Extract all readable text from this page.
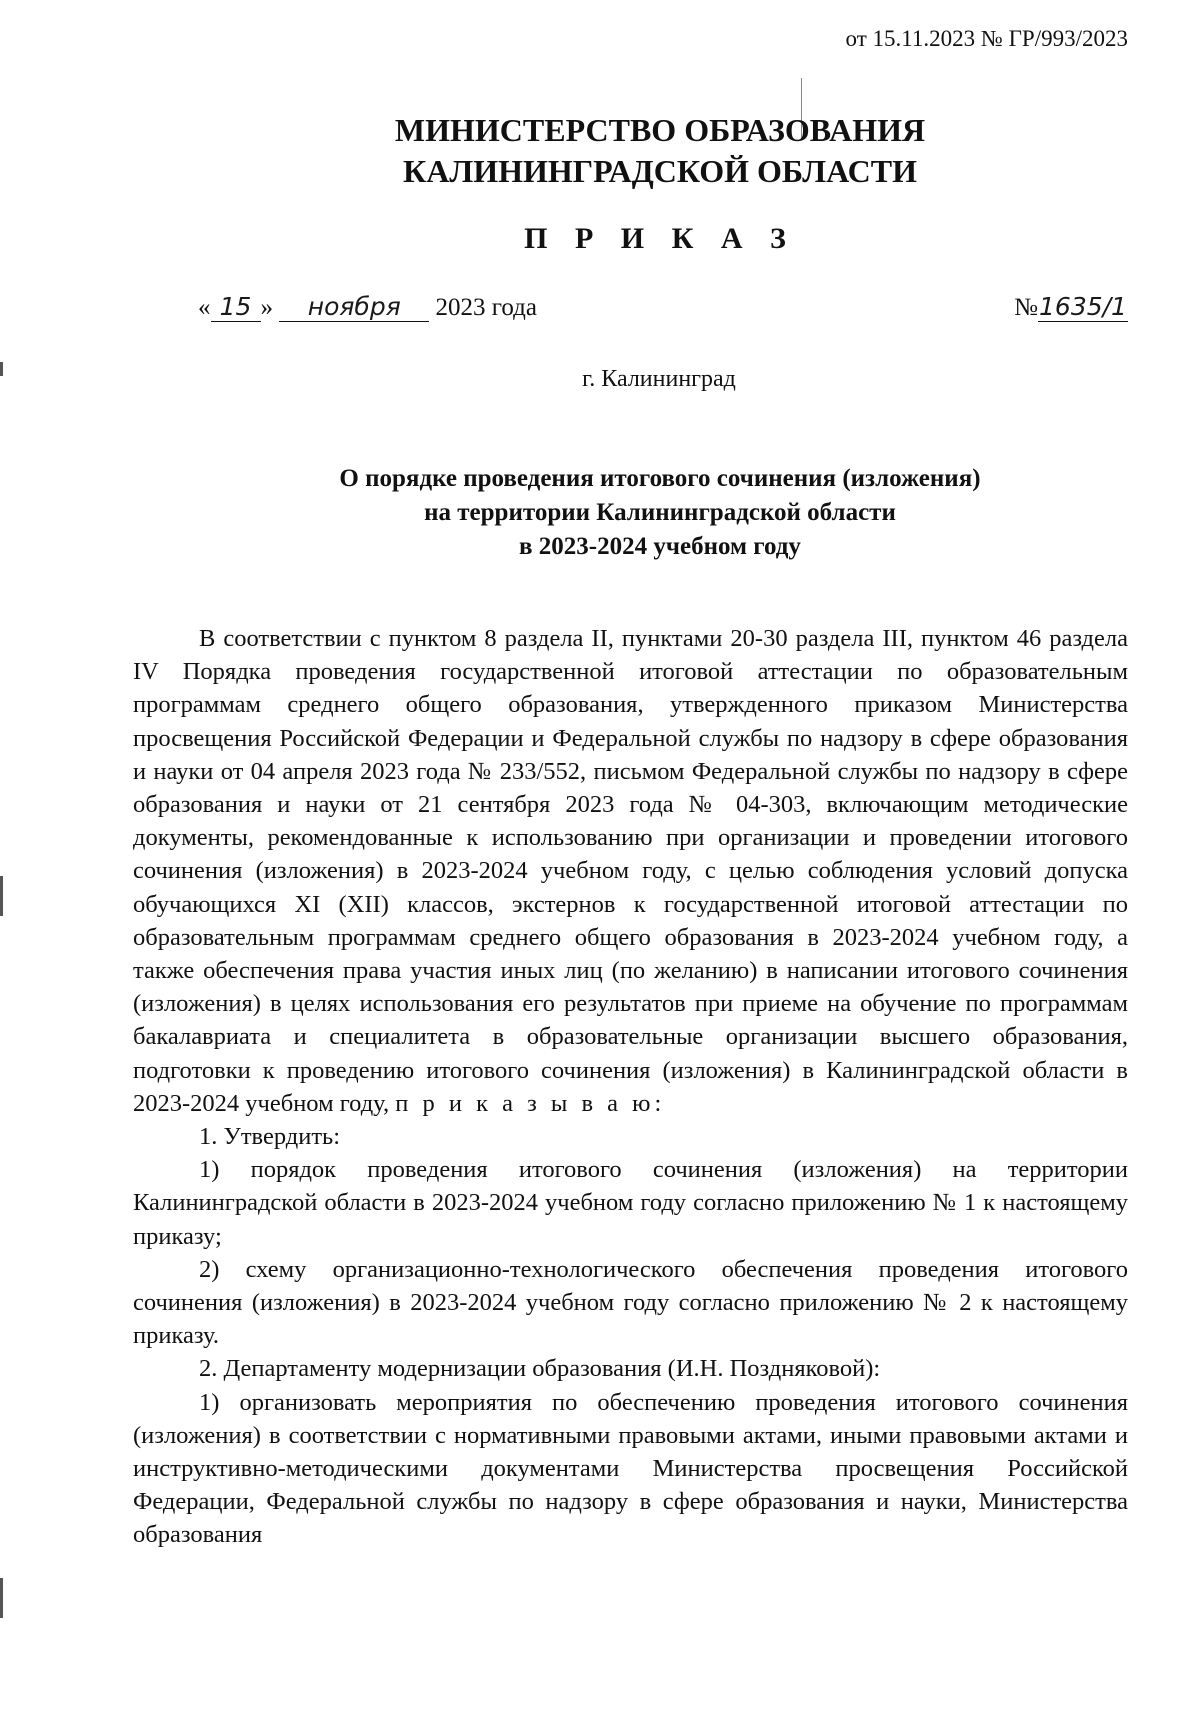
от 15.11.2023 № ГР/993/2023
МИНИСТЕРСТВО ОБРАЗОВАНИЯ
КАЛИНИНГРАДСКОЙ ОБЛАСТИ
П Р И К А З
« 15 » ноября 2023 года	№1635/1
г. Калининград
О порядке проведения итогового сочинения (изложения)
на территории Калининградской области
в 2023-2024 учебном году

В соответствии с пунктом 8 раздела II, пунктами 20-30 раздела III, пунктом 46 раздела IV Порядка проведения государственной итоговой аттестации по образовательным программам среднего общего образования, утвержденного приказом Министерства просвещения Российской Федерации и Федеральной службы по надзору в сфере образования и науки от 04 апреля 2023 года № 233/552, письмом Федеральной службы по надзору в сфере образования и науки от 21 сентября 2023 года № 04-303, включающим методические документы, рекомендованные к использованию при организации и проведении итогового сочинения (изложения) в 2023-2024 учебном году, с целью соблюдения условий допуска обучающихся XI (XII) классов, экстернов к государственной итоговой аттестации по образовательным программам среднего общего образования в 2023-2024 учебном году, а также обеспечения права участия иных лиц (по желанию) в написании итогового сочинения (изложения) в целях использования его результатов при приеме на обучение по программам бакалавриата и специалитета в образовательные организации высшего образования, подготовки к проведению итогового сочинения (изложения) в Калининградской области в 2023-2024 учебном году, п р и к а з ы в а ю:

1. Утвердить:

1) порядок проведения итогового сочинения (изложения) на территории Калининградской области в 2023-2024 учебном году согласно приложению № 1 к настоящему приказу;

2) схему организационно-технологического обеспечения проведения итогового сочинения (изложения) в 2023-2024 учебном году согласно приложению № 2 к настоящему приказу.

2. Департаменту модернизации образования (И.Н. Поздняковой):

1) организовать мероприятия по обеспечению проведения итогового сочинения (изложения) в соответствии с нормативными правовыми актами, иными правовыми актами и инструктивно-методическими документами Министерства просвещения Российской Федерации, Федеральной службы по надзору в сфере образования и науки, Министерства образования
